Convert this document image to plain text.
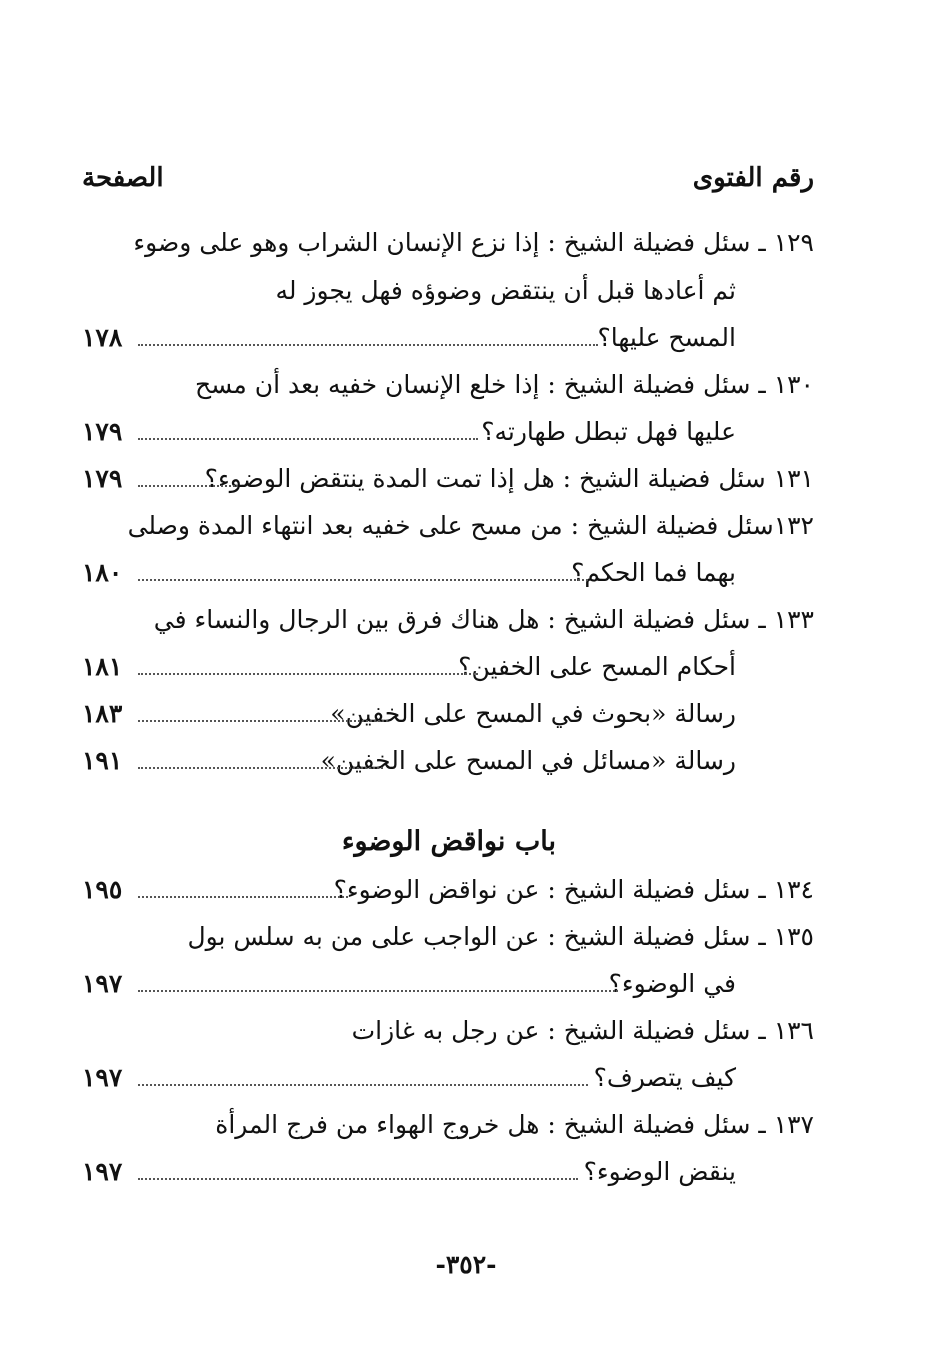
رقم الفتوى
الصفحة
١٢٩ ـ سئل فضيلة الشيخ : إذا نزع الإنسان الشراب وهو على وضوء
ثم أعادها قبل أن ينتقض وضوؤه فهل يجوز له
المسح عليها؟
١٧٨
١٣٠ ـ سئل فضيلة الشيخ : إذا خلع الإنسان خفيه بعد أن مسح
عليها فهل تبطل طهارته؟
١٧٩
١٣١ سئل فضيلة الشيخ : هل إذا تمت المدة ينتقض الوضوء؟
١٧٩
١٣٢سئل فضيلة الشيخ : من مسح على خفيه بعد انتهاء المدة وصلى
بهما فما الحكم؟
١٨٠
١٣٣ ـ سئل فضيلة الشيخ : هل هناك فرق بين الرجال والنساء في
أحكام المسح على الخفين؟
١٨١
رسالة «بحوث في المسح على الخفين»
١٨٣
رسالة «مسائل في المسح على الخفين»
١٩١
باب نواقض الوضوء
١٣٤ ـ سئل فضيلة الشيخ : عن نواقض الوضوء؟
١٩٥
١٣٥ ـ سئل فضيلة الشيخ : عن الواجب على من به سلس بول
في الوضوء؟
١٩٧
١٣٦ ـ سئل فضيلة الشيخ : عن رجل به غازات
كيف يتصرف؟
١٩٧
١٣٧ ـ سئل فضيلة الشيخ : هل خروج الهواء من فرج المرأة
ينقض الوضوء؟
١٩٧
-٣٥٢-
